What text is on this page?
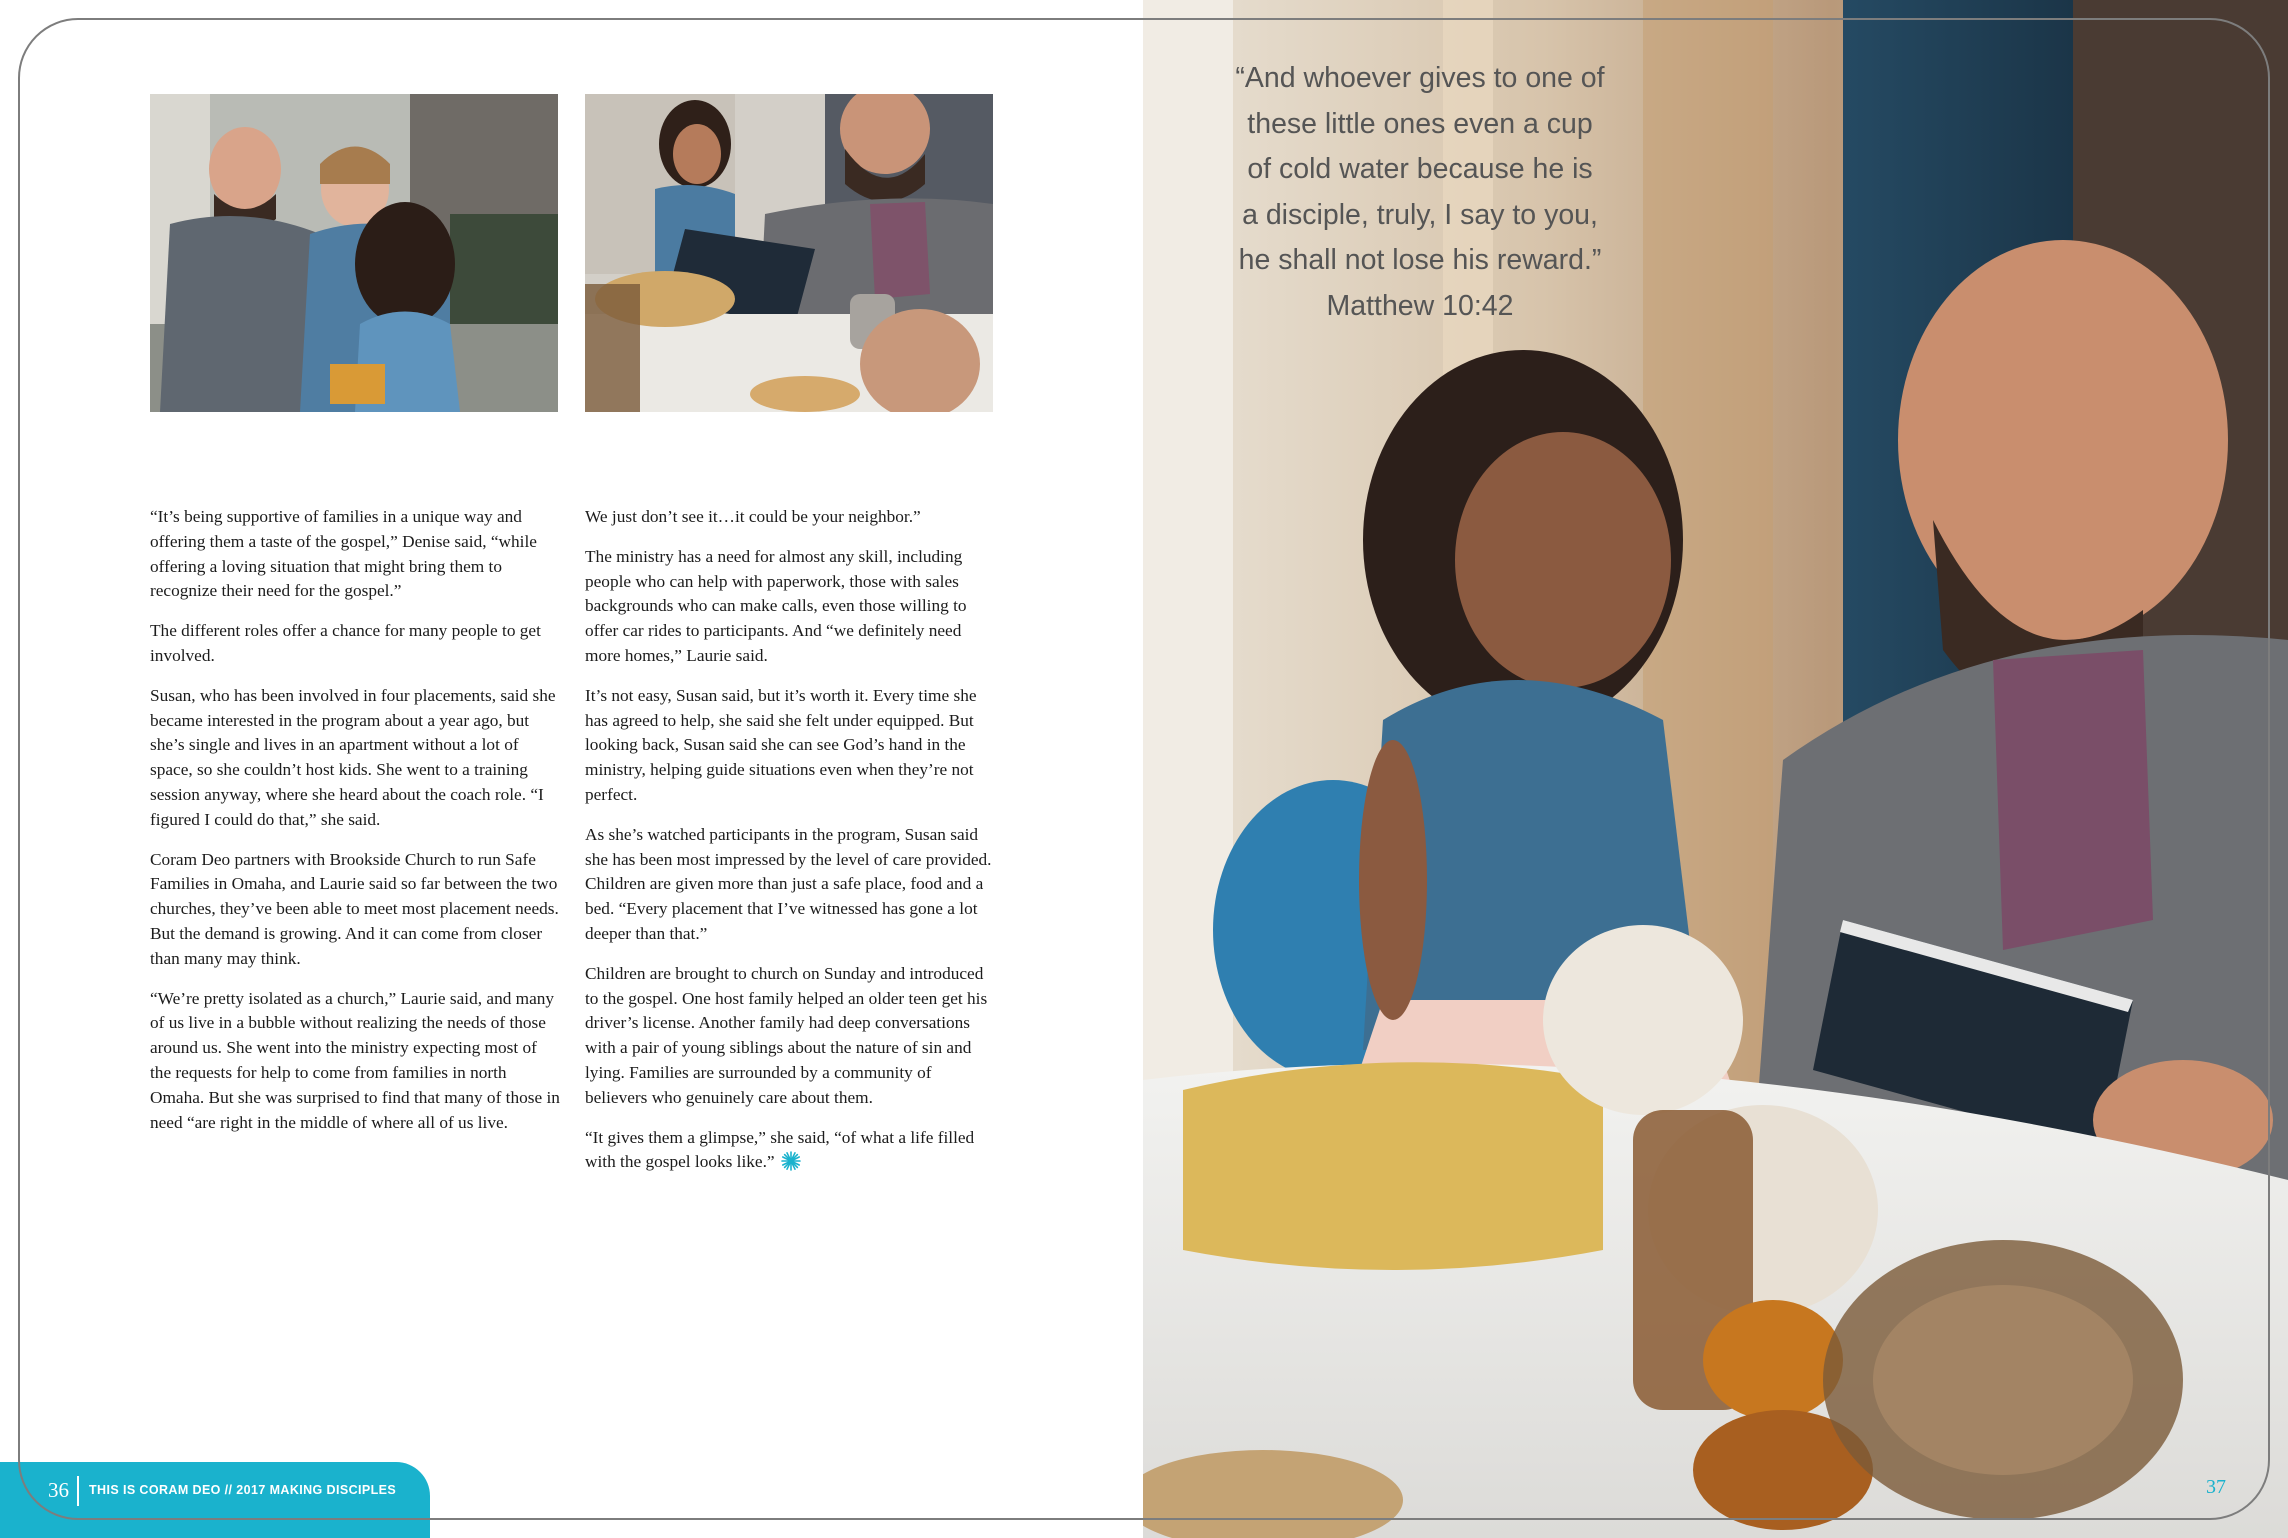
“It’s being supportive of families in a unique way and offering them a taste of the gospel,” Denise said, “while offering a loving situation that might bring them to recognize their need for the gospel.”

The different roles offer a chance for many people to get involved.

Susan, who has been involved in four placements, said she became interested in the program about a year ago, but she’s single and lives in an apartment without a lot of space, so she couldn’t host kids. She went to a training session anyway, where she heard about the coach role. “I figured I could do that,” she said.

Coram Deo partners with Brookside Church to run Safe Families in Omaha, and Laurie said so far between the two churches, they’ve been able to meet most placement needs. But the demand is growing. And it can come from closer than many may think.

“We’re pretty isolated as a church,” Laurie said, and many of us live in a bubble without realizing the needs of those around us. She went into the ministry expecting most of the requests for help to come from families in north Omaha. But she was surprised to find that many of those in need “are right in the middle of where all of us live.

We just don’t see it…it could be your neighbor.”

The ministry has a need for almost any skill, including people who can help with paperwork, those with sales backgrounds who can make calls, even those willing to offer car rides to participants. And “we definitely need more homes,” Laurie said.

It’s not easy, Susan said, but it’s worth it. Every time she has agreed to help, she said she felt under equipped. But looking back, Susan said she can see God’s hand in the ministry, helping guide situations even when they’re not perfect.

As she’s watched participants in the program, Susan said she has been most impressed by the level of care provided. Children are given more than just a safe place, food and a bed. “Every placement that I’ve witnessed has gone a lot deeper than that.”

Children are brought to church on Sunday and introduced to the gospel. One host family helped an older teen get his driver’s license. Another family had deep conversations with a pair of young siblings about the nature of sin and lying. Families are surrounded by a community of believers who genuinely care about them.

“It gives them a glimpse,” she said, “of what a life filled with the gospel looks like.”

36 THIS IS CORAM DEO // 2017 MAKING DISCIPLES

“And whoever gives to one of

these little ones even a cup

of cold water because he is

a disciple, truly, I say to you,

he shall not lose his reward.”

Matthew 10:42
37
